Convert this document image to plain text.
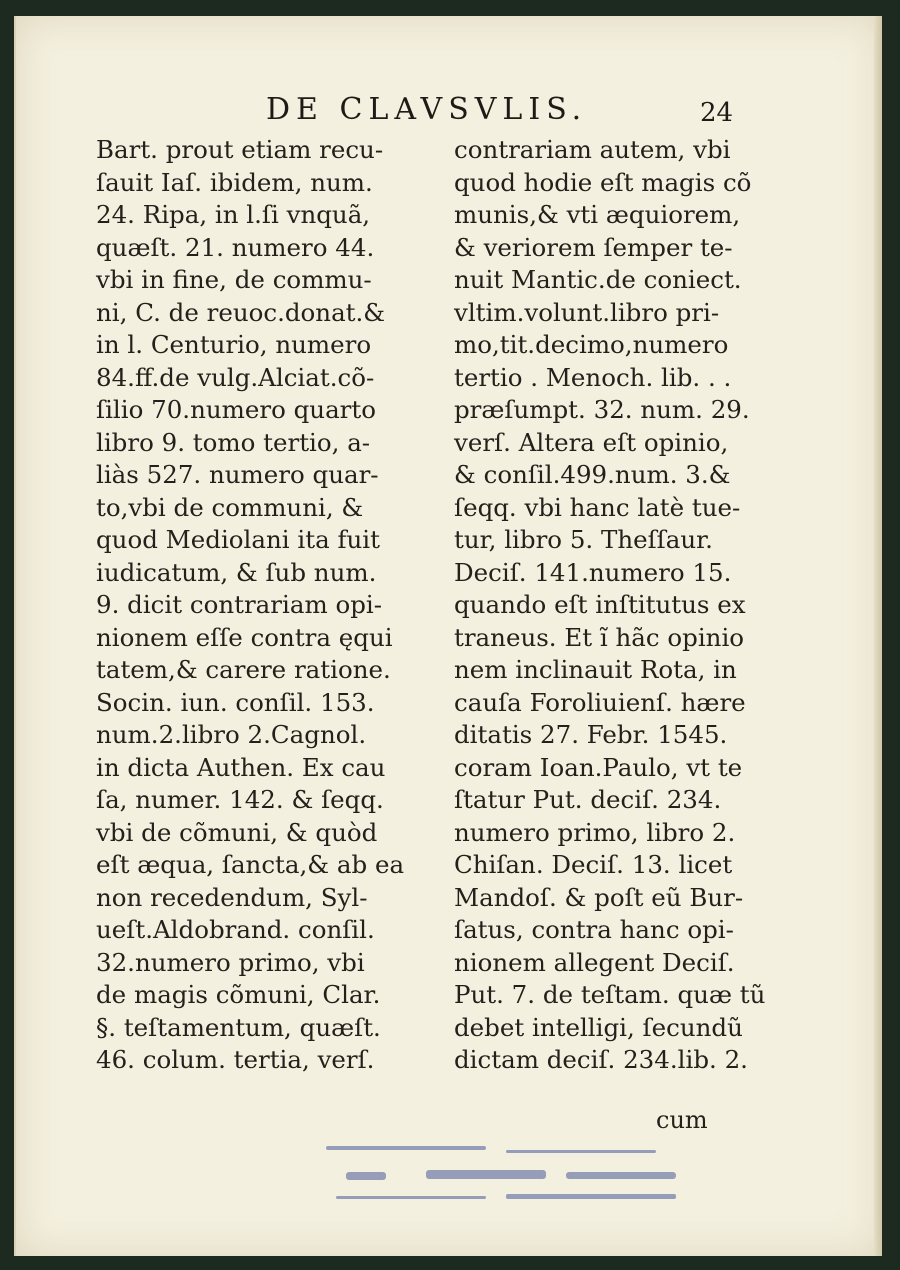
DE CLAVSVLIS.	24
Bart. prout etiam recu-
ſauit Iaſ. ibidem, num.
24. Ripa, in l.ſi vnquã,
quæſt. 21. numero 44.
vbi in fine, de commu-
ni, C. de reuoc.donat.&
in l. Centurio, numero
84.ff.de vulg.Alciat.cõ-
ſilio 70.numero quarto
libro 9. tomo tertio, a-
liàs 527. numero quar-
to,vbi de communi, &
quod Mediolani ita fuit
iudicatum, & ſub num.
9. dicit contrariam opi-
nionem eſſe contra ęqui
tatem,& carere ratione.
Socin. iun. conſil. 153.
num.2.libro 2.Cagnol.
in dicta Authen. Ex cau
ſa, numer. 142. & ſeqq.
vbi de cõmuni, & quòd
eſt æqua, ſancta,& ab ea
non recedendum, Syl-
ueſt.Aldobrand. conſil.
32.numero primo, vbi
de magis cõmuni, Clar.
§. teſtamentum, quæſt.
46. colum. tertia, verſ.
contrariam autem, vbi
quod hodie eſt magis cõ
munis,& vti æquiorem,
& veriorem ſemper te-
nuit Mantic.de coniect.
vltim.volunt.libro pri-
mo,tit.decimo,numero
tertio . Menoch. lib. . .
præſumpt. 32. num. 29.
verſ. Altera eſt opinio,
& conſil.499.num. 3.&
ſeqq. vbi hanc latè tue-
tur, libro 5. Theſſaur.
Deciſ. 141.numero 15.
quando eſt inſtitutus ex
traneus. Et ĩ hãc opinio
nem inclinauit Rota, in
cauſa Foroliuienſ. hære
ditatis 27. Febr. 1545.
coram Ioan.Paulo, vt te
ſtatur Put. deciſ. 234.
numero primo, libro 2.
Chiſan. Deciſ. 13. licet
Mandoſ. & poſt eũ Bur-
ſatus, contra hanc opi-
nionem allegent Deciſ.
Put. 7. de teſtam. quæ tũ
debet intelligi, ſecundũ
dictam deciſ. 234.lib. 2.
cum
